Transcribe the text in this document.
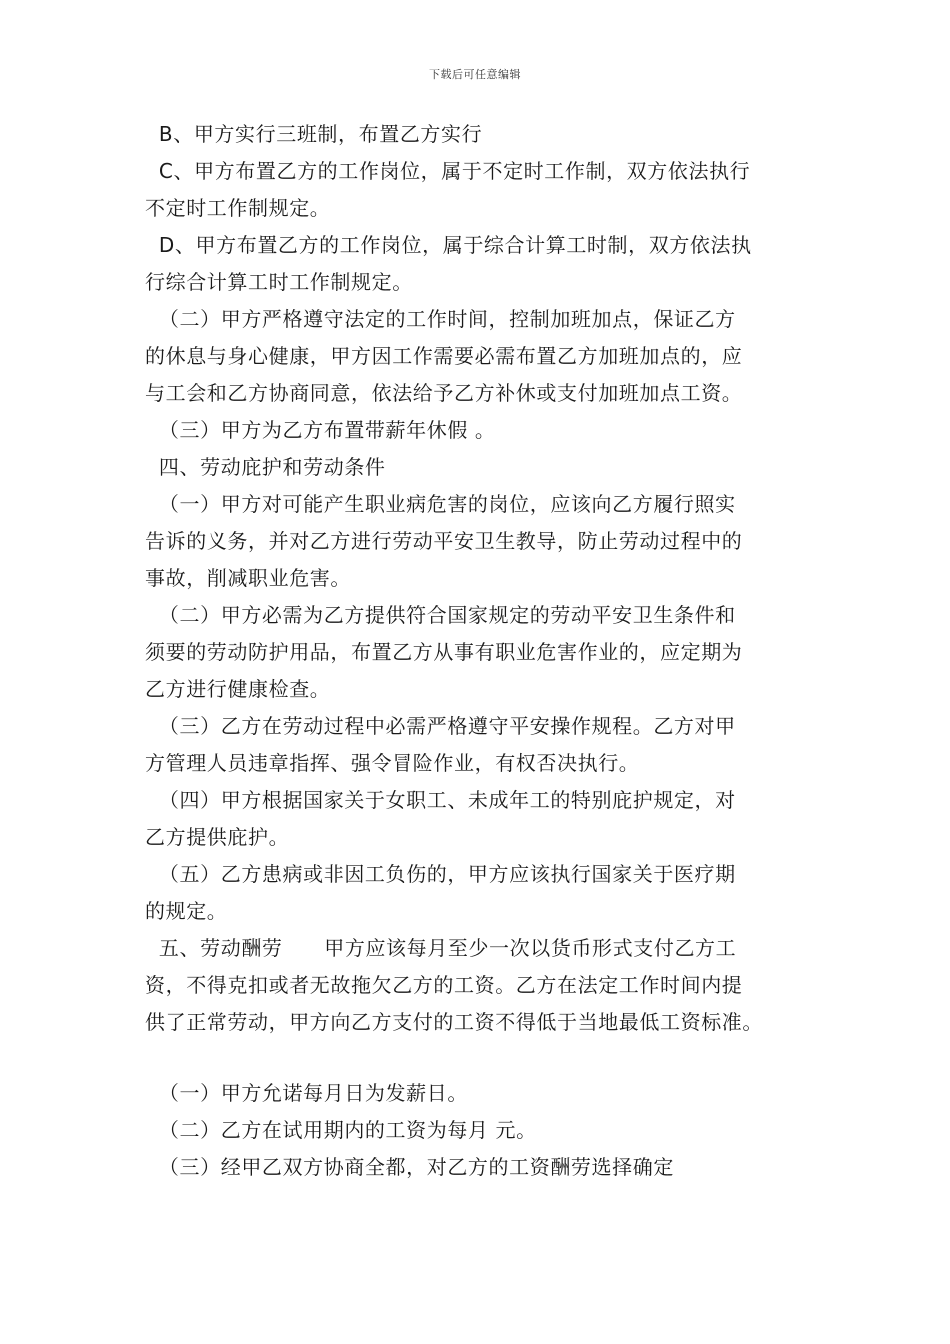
下载后可任意编辑
B、甲方实行三班制，布置乙方实行
C、甲方布置乙方的工作岗位，属于不定时工作制，双方依法执行
不定时工作制规定。
D、甲方布置乙方的工作岗位，属于综合计算工时制，双方依法执
行综合计算工时工作制规定。
（二）甲方严格遵守法定的工作时间，控制加班加点，保证乙方
的休息与身心健康，甲方因工作需要必需布置乙方加班加点的，应
与工会和乙方协商同意，依法给予乙方补休或支付加班加点工资。
（三）甲方为乙方布置带薪年休假 。
四、劳动庇护和劳动条件
（一）甲方对可能产生职业病危害的岗位，应该向乙方履行照实
告诉的义务，并对乙方进行劳动平安卫生教导，防止劳动过程中的
事故，削减职业危害。
（二）甲方必需为乙方提供符合国家规定的劳动平安卫生条件和
须要的劳动防护用品，布置乙方从事有职业危害作业的，应定期为
乙方进行健康检查。
（三）乙方在劳动过程中必需严格遵守平安操作规程。乙方对甲
方管理人员违章指挥、强令冒险作业，有权否决执行。
（四）甲方根据国家关于女职工、未成年工的特别庇护规定，对
乙方提供庇护。
（五）乙方患病或非因工负伤的，甲方应该执行国家关于医疗期
的规定。
五、劳动酬劳      甲方应该每月至少一次以货币形式支付乙方工
资，不得克扣或者无故拖欠乙方的工资。乙方在法定工作时间内提
供了正常劳动，甲方向乙方支付的工资不得低于当地最低工资标准。
（一）甲方允诺每月日为发薪日。
（二）乙方在试用期内的工资为每月 元。
（三）经甲乙双方协商全都，对乙方的工资酬劳选择确定
